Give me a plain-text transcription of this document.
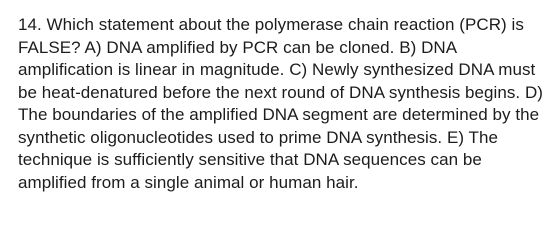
14. Which statement about the polymerase chain reaction (PCR) is FALSE? A) DNA amplified by PCR can be cloned. B) DNA amplification is linear in magnitude. C) Newly synthesized DNA must be heat-denatured before the next round of DNA synthesis begins. D) The boundaries of the amplified DNA segment are determined by the synthetic oligonucleotides used to prime DNA synthesis. E) The technique is sufficiently sensitive that DNA sequences can be amplified from a single animal or human hair.
